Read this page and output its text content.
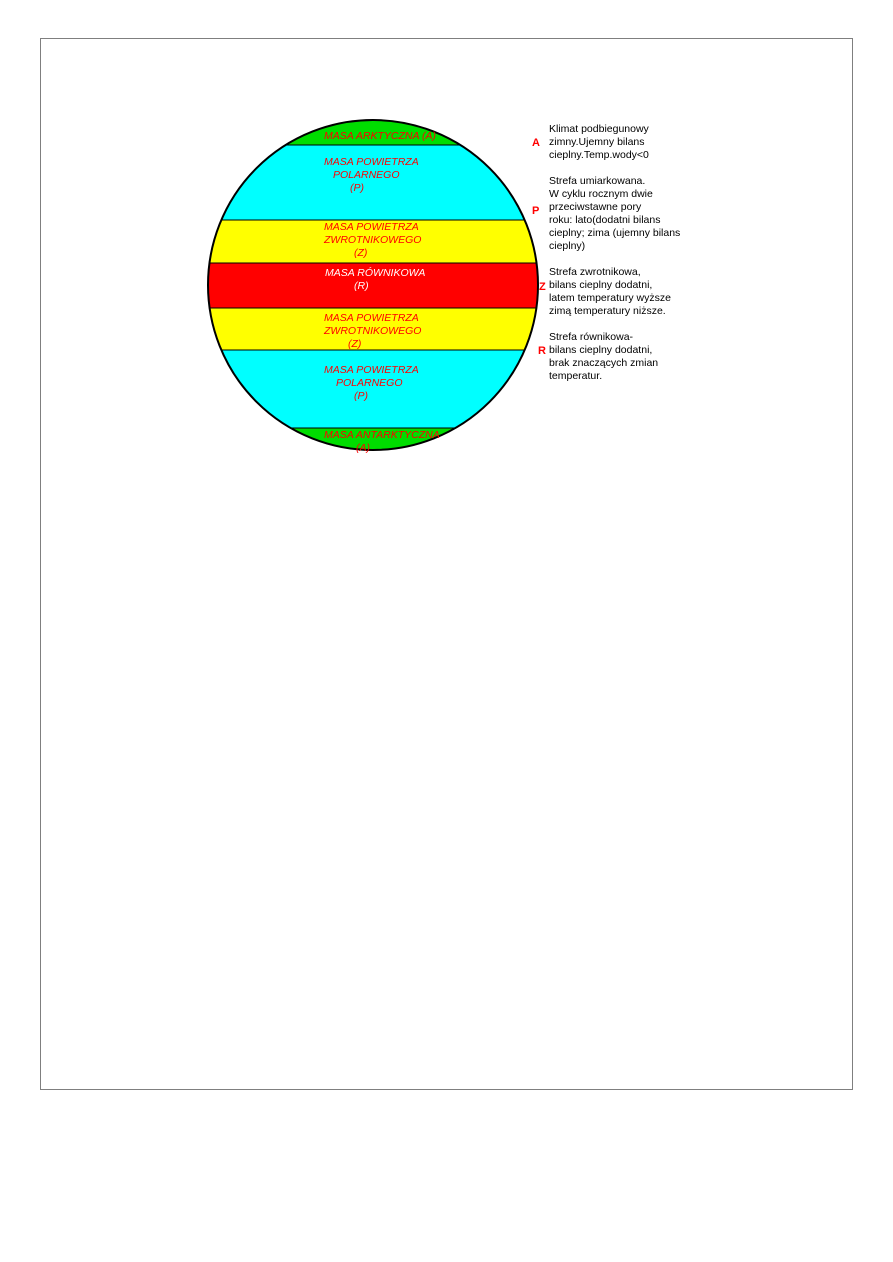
MASA ARKTYCZNA (A)
MASA POWIETRZA POLARNEGO (P)
MASA POWIETRZA ZWROTNIKOWEGO (Z)
MASA RÓWNIKOWA (R)
MASA POWIETRZA ZWROTNIKOWEGO (Z)
MASA POWIETRZA POLARNEGO (P)
MASA ANTARKTYCZNA (A)
A
P
Z
R
Klimat podbiegunowy
zimny.Ujemny bilans
cieplny.Temp.wody<0
Strefa umiarkowana.
W cyklu rocznym dwie
przeciwstawne pory
roku: lato(dodatni bilans
cieplny; zima (ujemny bilans
cieplny)
Strefa zwrotnikowa,
bilans cieplny dodatni,
latem temperatury wyższe
zimą temperatury niższe.
Strefa równikowa-
bilans cieplny dodatni,
brak znaczących zmian
temperatur.
